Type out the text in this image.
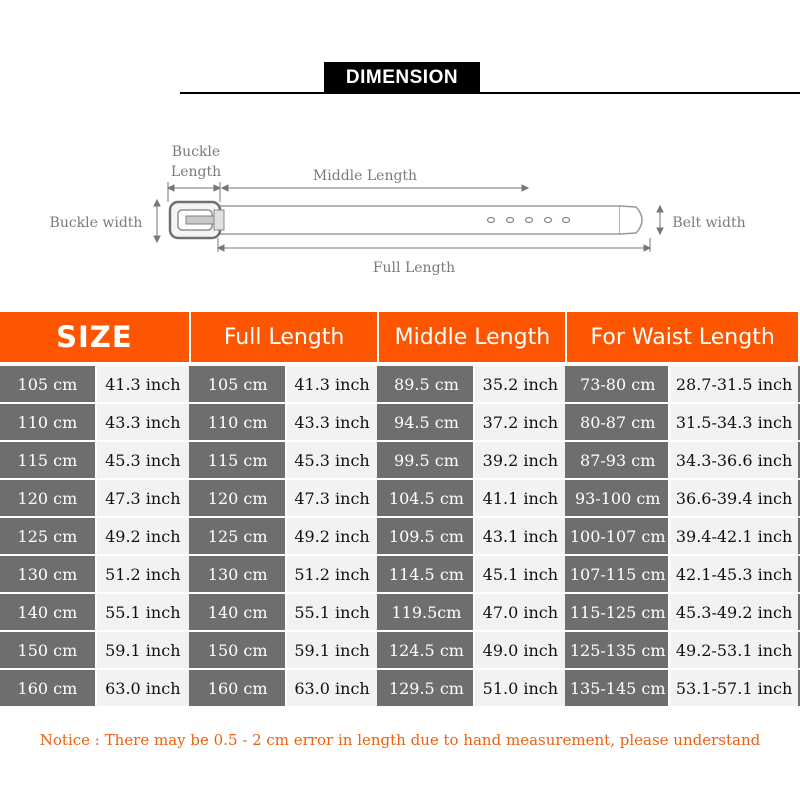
DIMENSION
Buckle
Length	Middle Length
Buckle width	Belt width
Full Length
SIZE		Full Length		Middle Length		For Waist Length	
105 cm	41.3 inch	105 cm	41.3 inch	89.5 cm	35.2 inch	73-80 cm	28.7-31.5 inch
110 cm	43.3 inch	110 cm	43.3 inch	94.5 cm	37.2 inch	80-87 cm	31.5-34.3 inch
115 cm	45.3 inch	115 cm	45.3 inch	99.5 cm	39.2 inch	87-93 cm	34.3-36.6 inch
120 cm	47.3 inch	120 cm	47.3 inch	104.5 cm	41.1 inch	93-100 cm	36.6-39.4 inch
125 cm	49.2 inch	125 cm	49.2 inch	109.5 cm	43.1 inch	100-107 cm	39.4-42.1 inch
130 cm	51.2 inch	130 cm	51.2 inch	114.5 cm	45.1 inch	107-115 cm	42.1-45.3 inch
140 cm	55.1 inch	140 cm	55.1 inch	119.5cm	47.0 inch	115-125 cm	45.3-49.2 inch
150 cm	59.1 inch	150 cm	59.1 inch	124.5 cm	49.0 inch	125-135 cm	49.2-53.1 inch
160 cm	63.0 inch	160 cm	63.0 inch	129.5 cm	51.0 inch	135-145 cm	53.1-57.1 inch
Notice : There may be 0.5 - 2 cm error in length due to hand measurement, please understand
